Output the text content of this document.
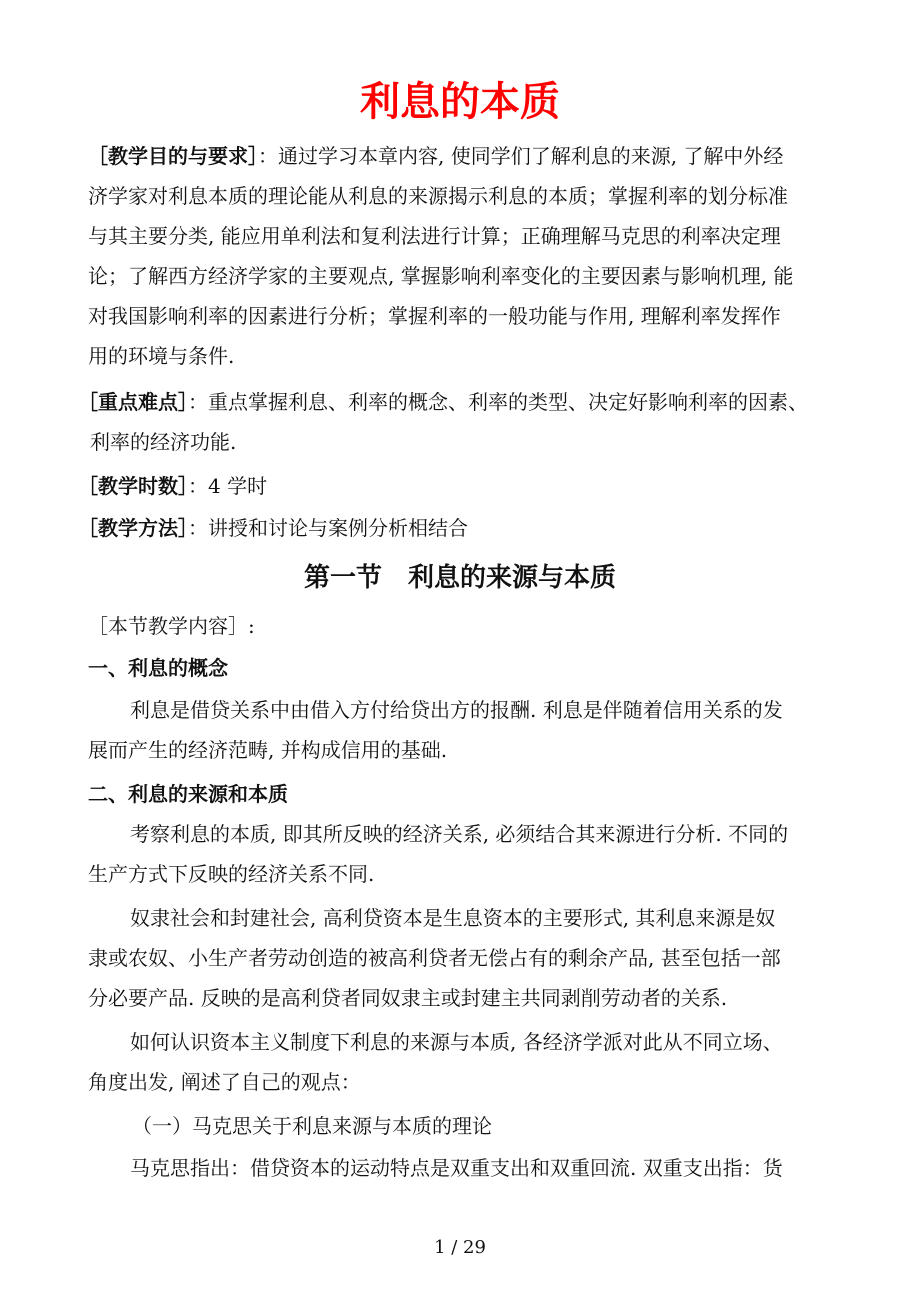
利息的本质

［教学目的与要求］：通过学习本章内容, 使同学们了解利息的来源, 了解中外经
济学家对利息本质的理论能从利息的来源揭示利息的本质；掌握利率的划分标准
与其主要分类, 能应用单利法和复利法进行计算；正确理解马克思的利率决定理
论；了解西方经济学家的主要观点, 掌握影响利率变化的主要因素与影响机理, 能
对我国影响利率的因素进行分析；掌握利率的一般功能与作用, 理解利率发挥作
用的环境与条件.

［重点难点］：重点掌握利息、利率的概念、利率的类型、决定好影响利率的因素、
利率的经济功能.

［教学时数］：4 学时

［教学方法］：讲授和讨论与案例分析相结合

第一节　利息的来源与本质

［本节教学内容］:

一、利息的概念

利息是借贷关系中由借入方付给贷出方的报酬. 利息是伴随着信用关系的发
展而产生的经济范畴, 并构成信用的基础.

二、利息的来源和本质

考察利息的本质, 即其所反映的经济关系, 必须结合其来源进行分析. 不同的
生产方式下反映的经济关系不同.

奴隶社会和封建社会, 高利贷资本是生息资本的主要形式, 其利息来源是奴
隶或农奴、小生产者劳动创造的被高利贷者无偿占有的剩余产品, 甚至包括一部
分必要产品. 反映的是高利贷者同奴隶主或封建主共同剥削劳动者的关系.

如何认识资本主义制度下利息的来源与本质, 各经济学派对此从不同立场、
角度出发, 阐述了自己的观点：

（一）马克思关于利息来源与本质的理论

马克思指出：借贷资本的运动特点是双重支出和双重回流. 双重支出指：货

1 / 29
